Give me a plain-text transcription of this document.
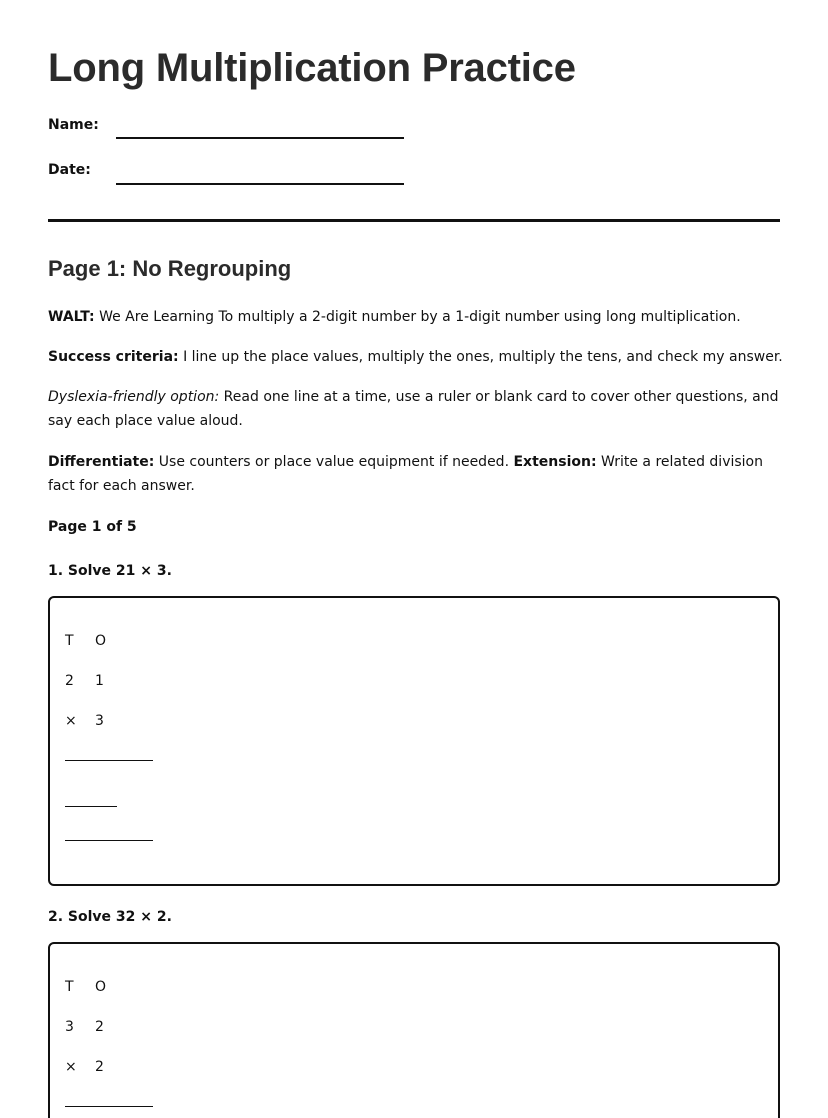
Long Multiplication Practice
Name:
Date:
Page 1: No Regrouping

WALT: We Are Learning To multiply a 2-digit number by a 1-digit number using long multiplication.

Success criteria: I line up the place values, multiply the ones, multiply the tens, and check my answer.

Dyslexia-friendly option: Read one line at a time, use a ruler or blank card to cover other questions, and say each place value aloud.

Differentiate: Use counters or place value equipment if needed. Extension: Write a related division fact for each answer.

Page 1 of 5
1. Solve 21 × 3.
T O
2 1
× 3
2. Solve 32 × 2.
T O
3 2
× 2
